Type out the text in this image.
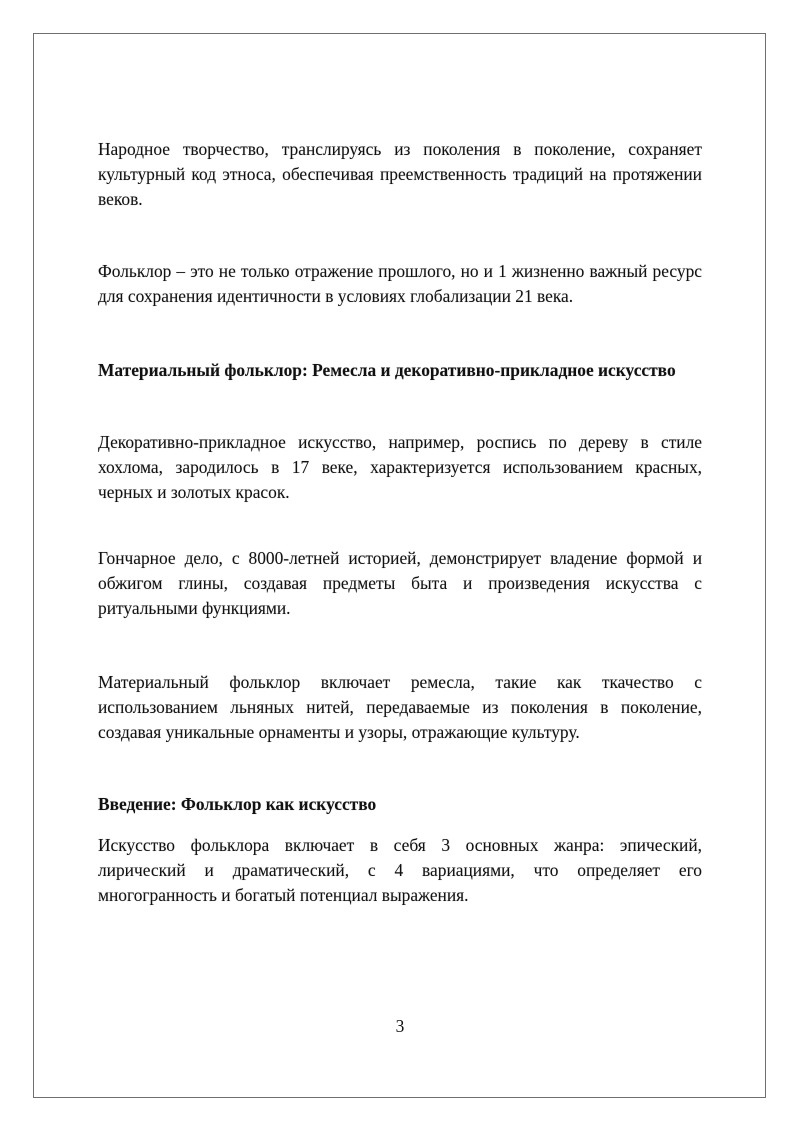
Народное творчество, транслируясь из поколения в поколение, сохраняет культурный код этноса, обеспечивая преемственность традиций на протяжении веков.

Фольклор – это не только отражение прошлого, но и 1 жизненно важный ресурс для сохранения идентичности в условиях глобализации 21 века.

Материальный фольклор: Ремесла и декоративно-прикладное искусство

Декоративно-прикладное искусство, например, роспись по дереву в стиле хохлома, зародилось в 17 веке, характеризуется использованием красных, черных и золотых красок.

Гончарное дело, с 8000-летней историей, демонстрирует владение формой и обжигом глины, создавая предметы быта и произведения искусства с ритуальными функциями.

Материальный фольклор включает ремесла, такие как ткачество с использованием льняных нитей, передаваемые из поколения в поколение, создавая уникальные орнаменты и узоры, отражающие культуру.

Введение: Фольклор как искусство

Искусство фольклора включает в себя 3 основных жанра: эпический, лирический и драматический, с 4 вариациями, что определяет его многогранность и богатый потенциал выражения.

3
